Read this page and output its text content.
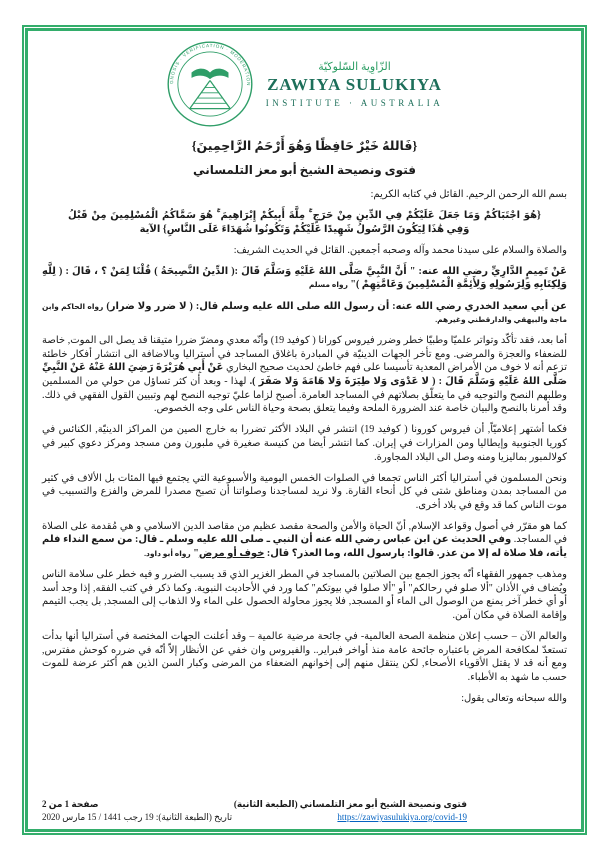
GNOSIS · VERIFICATION · MODERATION
الزّاوِية السّلوكيّة
ZAWIYA SULUKIYA
INSTITUTE · AUSTRALIA
{فَاللهُ خَيْرٌ حَافِظًا وَهُوَ أَرْحَمُ الرَّاحِمِينَ}
فتوى ونصيحة الشيخ أبو معز التلمساني

بسم الله الرحمن الرحيم. القائل في كتابه الكريم:

{هُوَ اجْتَبَاكُمْ وَمَا جَعَلَ عَلَيْكُمْ فِي الدِّينِ مِنْ حَرَجٍ ۚ مِلَّةَ أَبِيكُمْ إِبْرَاهِيمَ ۚ هُوَ سَمَّاكُمُ الْمُسْلِمِينَ مِنْ قَبْلُ وَفِي هَٰذَا لِيَكُونَ الرَّسُولُ شَهِيدًا عَلَيْكُمْ وَتَكُونُوا شُهَدَاءَ عَلَى النَّاسِ} الآية

والصلاة والسلام على سيدنا محمد وآله وصحبه أجمعين. القائل في الحديث الشريف:

عَنْ تَمِيمٍ الدَّارِيِّ رضي الله عنه: " أَنَّ النَّبِيَّ صَلَّى اللهُ عَلَيْهِ وَسَلَّمَ قَالَ :( الدِّينُ النَّصِيحَةُ ) قُلْنَا لِمَنْ ؟ ، قَالَ : ( لِلَّهِ وَلِكِتَابِهِ وَلِرَسُولِهِ وَلِأَئِمَّةِ الْمُسْلِمِينَ وَعَامَّتِهِمْ )" رواه مسلم

عن أبي سعيد الخدري رضي الله عنه: أن رسول الله صلى الله عليه وسلم قال: ( لا ضرر ولا ضرار) رواه الحاكم وابن ماجة والبيهقي والدارقطني وغيرهم.

أما بعد، فقد تأكّد وتواتر علميّا وطبيّا خطر وضرر فيروس كورانا ( كوفيد 19) وأنّه معدي ومضرّ ضررا متيقنا قد يصل الى الموت, خاصة للضعفاء والعجزة والمرضى. ومع تأخر الجهات الدينيّة في المبادرة باغلاق المساجد في أستراليا وبالاضافة الى انتشار أفكار خاطئة تزعم أنه لا خوف من الأمراض المعدية تأسيسا على فهم خاطئ لحديث صحيح البخاري عَنْ أَبِي هُرَيْرَةَ رَضِيَ اللهُ عَنْهُ عَنْ النَّبِيِّ صَلَّى اللهُ عَلَيْهِ وَسَلَّمَ قَالَ : ( لا عَدْوَى وَلا طِيَرَةَ وَلا هَامَةَ وَلا صَفَرَ ). لهذا - وبعد أن كثر تساؤل من حولي من المسلمين وطلبهم النصح والتوجيه في ما يتعلّق بصلاتهم في المساجد العامرة. أصبح لزاما عليّ توجيه النصح لهم وتبيين القول الفقهي في ذلك. وقد أمرنا بالنصح والبيان خاصة عند الضرورة الملحة وفيما يتعلق بصحة وحياة الناس على وجه الخصوص.

فكما أشتهر إعلاميّاً, أن فيروس كورونا ( كوفيد 19) انتشر في البلاد الأكثر تضررا به خارج الصين من المراكز الدينيّة, الكنائس في كوريا الجنوبية وإيطاليا ومن المزارات في إيران. كما انتشر أيضا من كنيسة صغيرة في ملبورن ومن مسجد ومركز دعوي كبير في كولالمبور بماليزيا ومنه وصل الى البلاد المجاورة.

ونحن المسلمون في أستراليا أكثر الناس تجمعا في الصلوات الخمس اليومية والأسبوعية التي يجتمع فيها المئات بل الألاف في كثير من المساجد بمدن ومناطق شتى في كل أنحاء القارة. ولا نريد لمساجدنا وصلواتنا أن تصبح مصدرا للمرض والفزع والتسبيب في موت الناس كما قد وقع في بلاد أخرى.

كما هو مقرّر في أصول وقواعد الإسلام, أنّ الحياة والأمن والصحة مقصد عظيم من مقاصد الدين الاسلامي و هي مُقدمة على الصلاة في المساجد. وفي الحديث عن ابن عباس رضي الله عنه أن النبي ـ صلى الله عليه وسلم ـ قال: من سمع النداء فلم يأته، فلا صلاة له إلا من عذر. قالوا: يارسول الله، وما العذر؟ قال: خوف أو مرض" رواه أبو داود.

ومذهب جمهور الفقهاء أنّه يجوز الجمع بين الصلاتين بالمساجد في المطر الغزير الذي قد يسبب الضرر و فيه خطر على سلامة الناس ويُضاف في الأذان "ألا صلو في رحالكم" أو "ألا صلوا في بيوتكم" كما ورد في الأحاديث النبوية. وكما ذكر في كتب الفقه, إذا وجد أسد أو أي خطر آخر يمنع من الوصول الى الماء أو المسجد, فلا يجوز محاولة الحصول على الماء ولا الذهاب إلى المسجد, بل يجب التيمم وإقامة الصلاة في مكان آمن.

والعالم الآن – حسب إعلان منظمة الصحة العالمية- في جائحة مرضية عالمية – وقد أعلنت الجهات المختصة في أستراليا أنها بدأت تستعدّ لمكافحة المرض باعتباره جائحة عامة منذ أواخر فبراير.. والفيروس وان خفي عن الأنظار إلاّ أنّه في ضرره كوحش مفترس, ومع أنه قد لا يقتل الأقوياء الأصحاء, لكن ينتقل منهم إلى إخوانهم الضعفاء من المرضى وكبار السن الذين هم أكثر عرضة للموت حسب ما شهد به الأطباء.

والله سبحانه وتعالى يقول:

فتوى ونصيحة الشيخ أبو معز التلمساني (الطبعة الثانية)
https://zawiyasulukiya.org/covid-19
صفحة 1 من 2
تاريخ (الطبعة الثانية): 19 رجب 1441 / 15 مارس 2020
